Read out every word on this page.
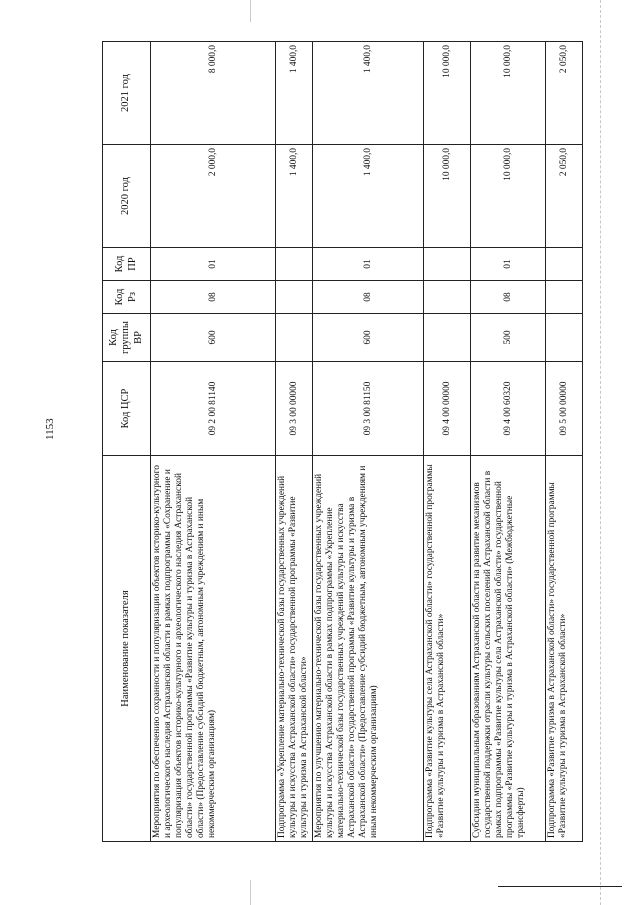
1153
Наименование показателя	Код ЦСР	Код группы ВР	Код Рз	Код ПР	2020 год	2021 год
Мероприятия по обеспечению сохранности и популяризации объектов историко-культурного и археологического наследия Астраханской области в рамках подпрограммы «Сохранение и популяризация объектов историко-культурного и археологического наследия Астраханской области» государственной программы «Развитие культуры и туризма в Астраханской области» (Предоставление субсидий бюджетным, автономным учреждениям и иным некоммерческим организациям)	09 2 00 81140	600	08	01	2 000,0	8 000,0
Подпрограмма «Укрепление материально-технической базы государственных учреждений культуры и искусства Астраханской области» государственной программы «Развитие культуры и туризма в Астраханской области»	09 3 00 00000				1 400,0	1 400,0
Мероприятия по улучшению материально-технической базы государственных учреждений культуры и искусства Астраханской области в рамках подпрограммы «Укрепление материально-технической базы государственных учреждений культуры и искусства Астраханской области» государственной программы «Развитие культуры и туризма в Астраханской области» (Предоставление субсидий бюджетным, автономным учреждениям и иным некоммерческим организациям)	09 3 00 81150	600	08	01	1 400,0	1 400,0
Подпрограмма «Развитие культуры села Астраханской области» государственной программы «Развитие культуры и туризма в Астраханской области»	09 4 00 00000				10 000,0	10 000,0
Субсидии муниципальным образованиям Астраханской области на развитие механизмов государственной поддержки отрасли культуры сельских поселений Астраханской области в рамках подпрограммы «Развитие культуры села Астраханской области» государственной программы «Развитие культуры и туризма в Астраханской области» (Межбюджетные трансферты)	09 4 00 60320	500	08	01	10 000,0	10 000,0
Подпрограмма «Развитие туризма в Астраханской области» государственной программы «Развитие культуры и туризма в Астраханской области»	09 5 00 00000				2 050,0	2 050,0
